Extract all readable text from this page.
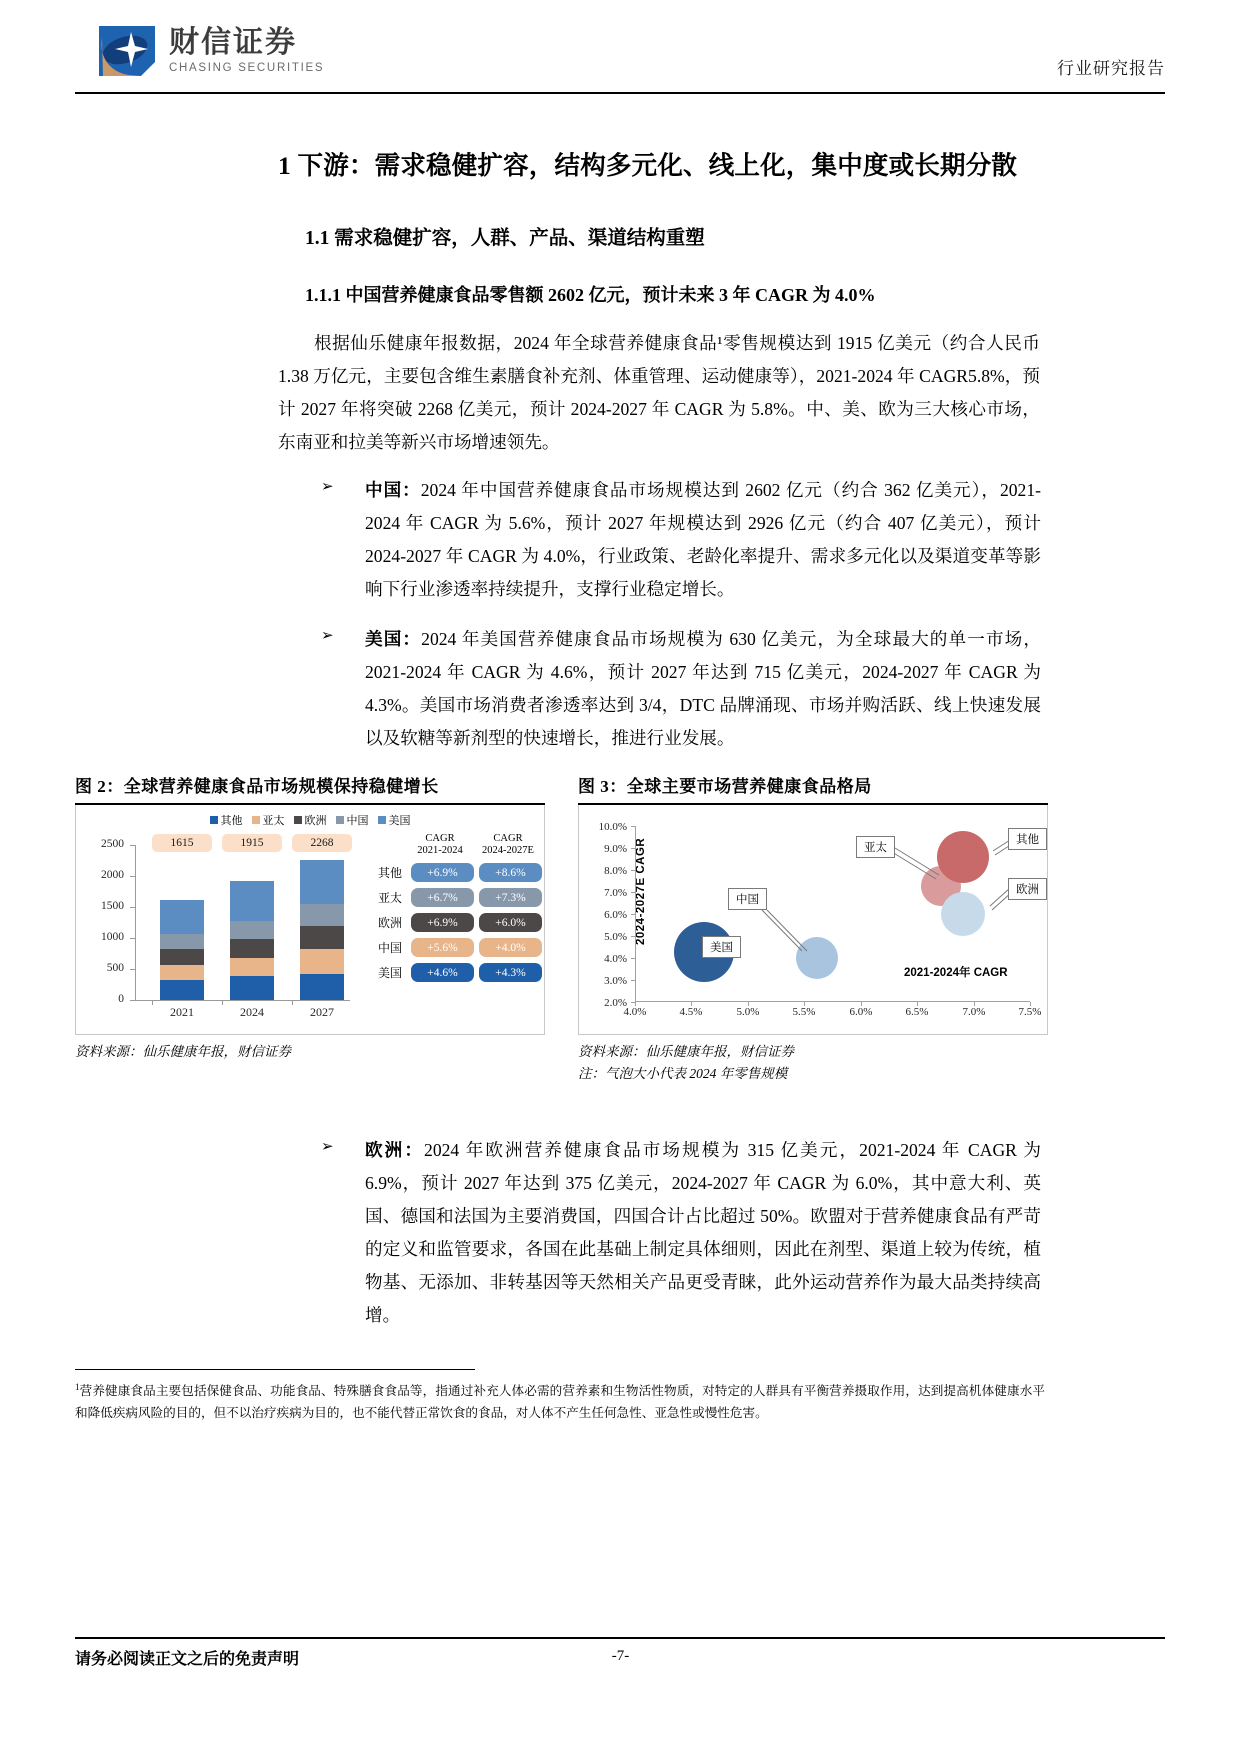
财信证券
CHASING SECURITIES	行业研究报告
1 下游：需求稳健扩容，结构多元化、线上化，集中度或长期分散
1.1 需求稳健扩容，人群、产品、渠道结构重塑
1.1.1 中国营养健康食品零售额 2602 亿元，预计未来 3 年 CAGR 为 4.0%
根据仙乐健康年报数据，2024 年全球营养健康食品¹零售规模达到 1915 亿美元（约合人民币 1.38 万亿元，主要包含维生素膳食补充剂、体重管理、运动健康等），2021-2024 年 CAGR5.8%，预计 2027 年将突破 2268 亿美元，预计 2024-2027 年 CAGR 为 5.8%。中、美、欧为三大核心市场，东南亚和拉美等新兴市场增速领先。
➢	中国：2024 年中国营养健康食品市场规模达到 2602 亿元（约合 362 亿美元），2021-2024 年 CAGR 为 5.6%，预计 2027 年规模达到 2926 亿元（约合 407 亿美元），预计 2024-2027 年 CAGR 为 4.0%，行业政策、老龄化率提升、需求多元化以及渠道变革等影响下行业渗透率持续提升，支撑行业稳定增长。
➢	美国：2024 年美国营养健康食品市场规模为 630 亿美元，为全球最大的单一市场，2021-2024 年 CAGR 为 4.6%，预计 2027 年达到 715 亿美元，2024-2027 年 CAGR 为 4.3%。美国市场消费者渗透率达到 3/4，DTC 品牌涌现、市场并购活跃、线上快速发展以及软糖等新剂型的快速增长，推进行业发展。
图 2：全球营养健康食品市场规模保持稳健增长
其他 亚太 欧洲 中国 美国
2500
2000
1500
1000
500
0
1615	1915	2268
2021	2024	2027
CAGR
2021-2024
CAGR
2024-2027E
其他	+6.9%	+8.6%
亚太	+6.7%	+7.3%
欧洲	+6.9%	+6.0%
中国	+5.6%	+4.0%
美国	+4.6%	+4.3%
资料来源：仙乐健康年报，财信证券
图 3：全球主要市场营养健康食品格局
10.0%
9.0%
8.0%
7.0%
6.0%
5.0%
4.0%
3.0%
2.0%
2024-2027E CAGR	中国
亚太
其他
欧洲
美国
2021-2024年 CAGR
4.0%	4.5%	5.0%	5.5%	6.0%	6.5%	7.0%	7.5%
资料来源：仙乐健康年报，财信证券
注：气泡大小代表 2024 年零售规模
➢	欧洲：2024 年欧洲营养健康食品市场规模为 315 亿美元，2021-2024 年 CAGR 为 6.9%，预计 2027 年达到 375 亿美元，2024-2027 年 CAGR 为 6.0%，其中意大利、英国、德国和法国为主要消费国，四国合计占比超过 50%。欧盟对于营养健康食品有严苛的定义和监管要求，各国在此基础上制定具体细则，因此在剂型、渠道上较为传统，植物基、无添加、非转基因等天然相关产品更受青睐，此外运动营养作为最大品类持续高增。
$^1$营养健康食品主要包括保健食品、功能食品、特殊膳食食品等，指通过补充人体必需的营养素和生物活性物质，对特定的人群具有平衡营养摄取作用，达到提高机体健康水平和降低疾病风险的目的，但不以治疗疾病为目的，也不能代替正常饮食的食品，对人体不产生任何急性、亚急性或慢性危害。
请务必阅读正文之后的免责声明	-7-
